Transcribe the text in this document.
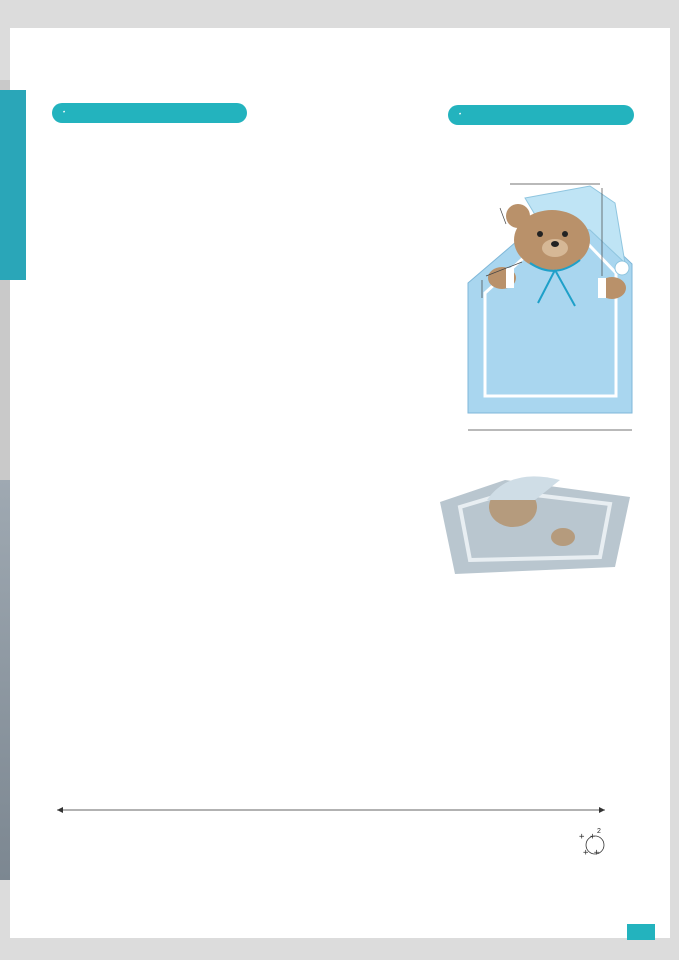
·	·
+ +
+ +
2
